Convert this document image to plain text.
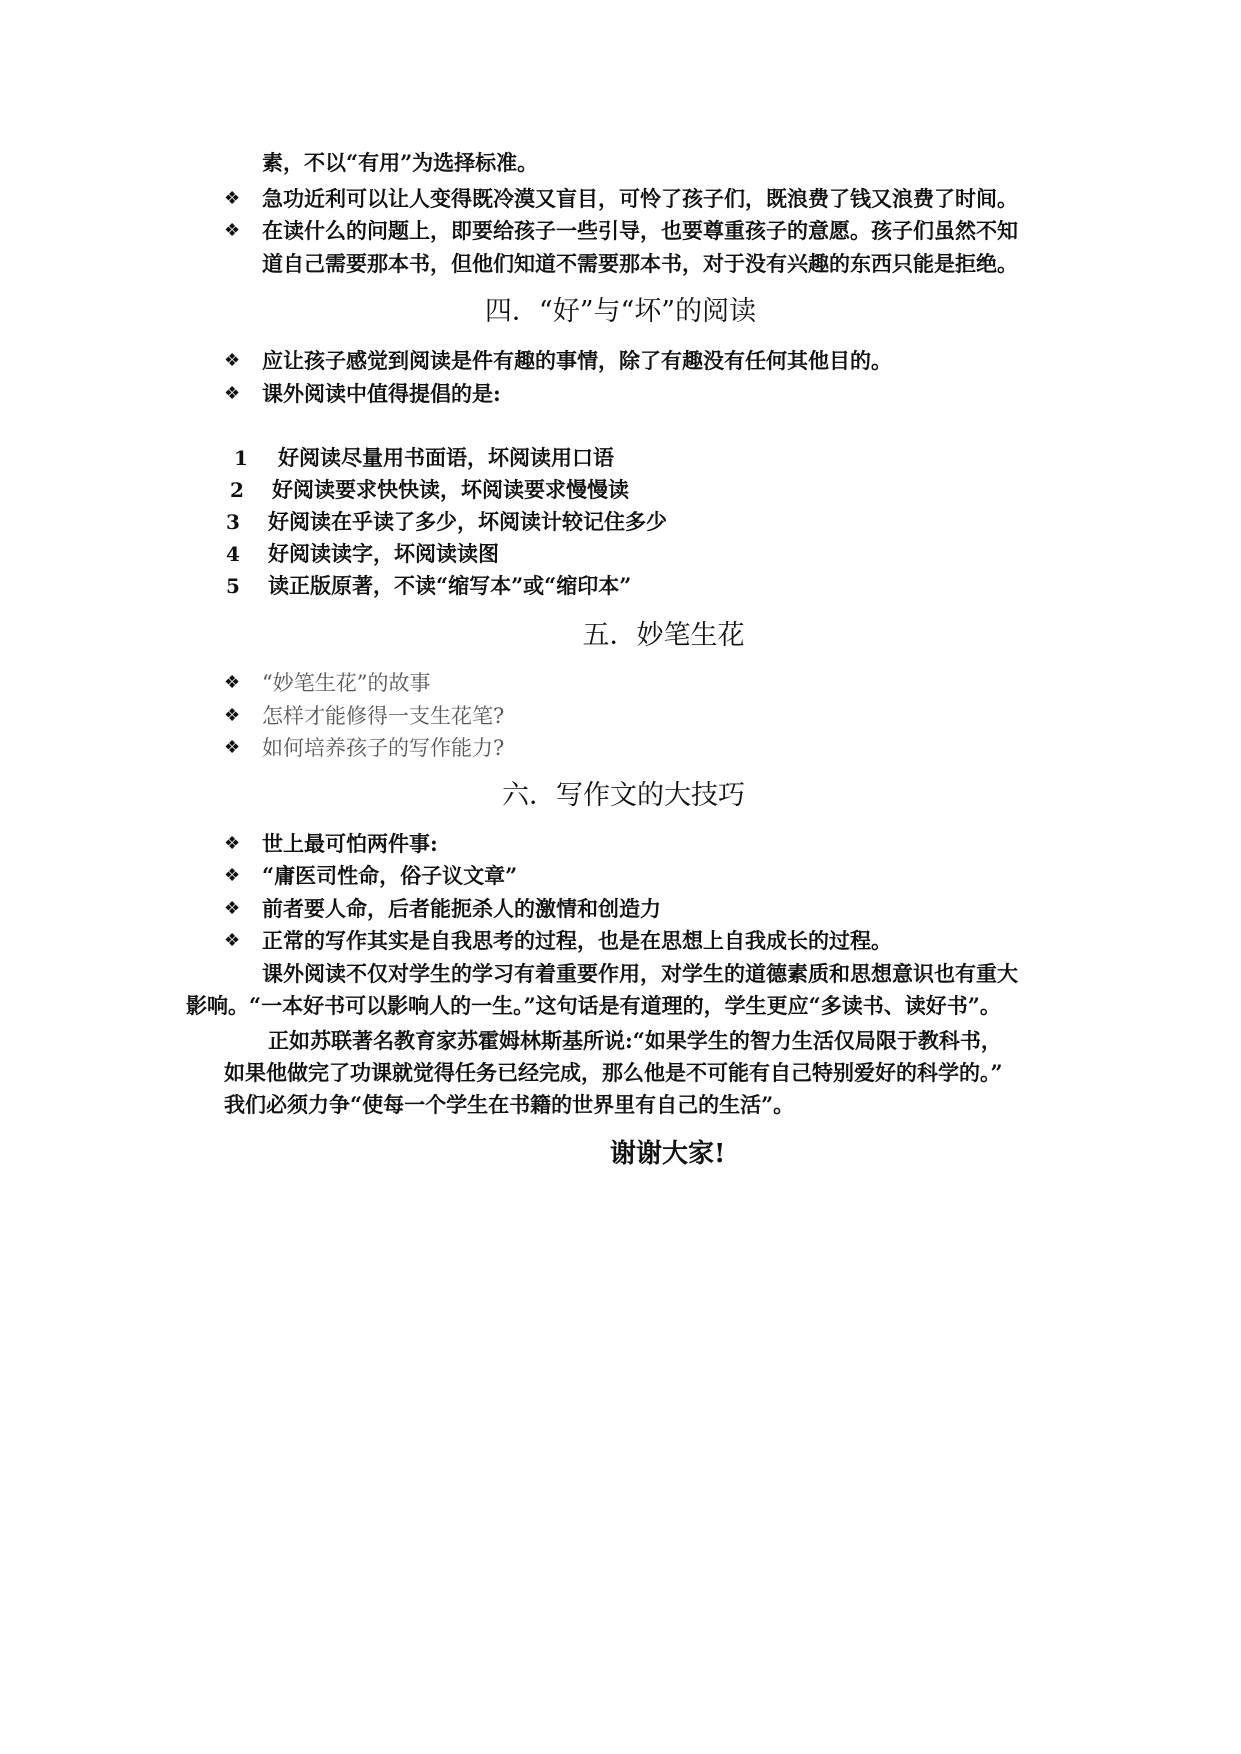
素，不以“有用”为选择标准。
❖ 急功近利可以让人变得既冷漠又盲目，可怜了孩子们，既浪费了钱又浪费了时间。
❖ 在读什么的问题上，即要给孩子一些引导，也要尊重孩子的意愿。孩子们虽然不知
道自己需要那本书，但他们知道不需要那本书，对于没有兴趣的东西只能是拒绝。
四．“好”与“坏”的阅读
❖ 应让孩子感觉到阅读是件有趣的事情，除了有趣没有任何其他目的。
❖ 课外阅读中值得提倡的是:
1 好阅读尽量用书面语，坏阅读用口语
2 好阅读要求快快读，坏阅读要求慢慢读
3 好阅读在乎读了多少，坏阅读计较记住多少
4 好阅读读字，坏阅读读图
5 读正版原著，不读“缩写本”或“缩印本”
五．妙笔生花
❖ “妙笔生花”的故事
❖ 怎样才能修得一支生花笔?
❖ 如何培养孩子的写作能力?
六．写作文的大技巧
❖ 世上最可怕两件事:
❖ “庸医司性命，俗子议文章”
❖ 前者要人命，后者能扼杀人的激情和创造力
❖ 正常的写作其实是自我思考的过程，也是在思想上自我成长的过程。
课外阅读不仅对学生的学习有着重要作用，对学生的道德素质和思想意识也有重大
影响。“一本好书可以影响人的一生。”这句话是有道理的，学生更应“多读书、读好书”。
正如苏联著名教育家苏霍姆林斯基所说:“如果学生的智力生活仅局限于教科书，
如果他做完了功课就觉得任务已经完成，那么他是不可能有自己特别爱好的科学的。”
我们必须力争“使每一个学生在书籍的世界里有自己的生活”。
谢谢大家!
